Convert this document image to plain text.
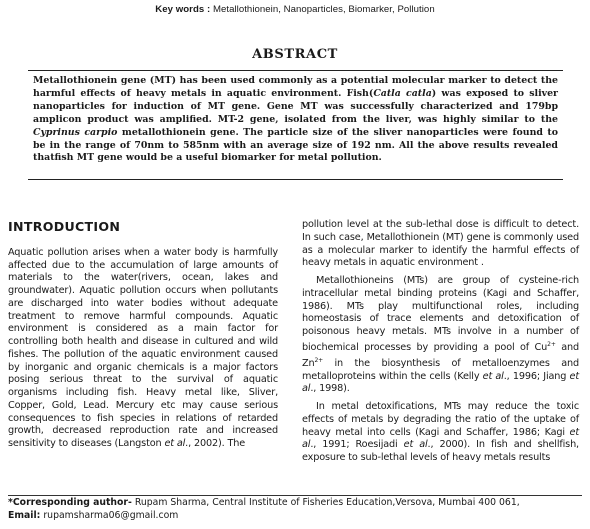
Key words : Metallothionein, Nanoparticles, Biomarker, Pollution
ABSTRACT
Metallothionein gene (MT) has been used commonly as a potential molecular marker to detect the harmful effects of heavy metals in aquatic environment. Fish(Catla catla) was exposed to sliver nanoparticles for induction of MT gene. Gene MT was successfully characterized and 179bp amplicon product was amplified. MT-2 gene, isolated from the liver, was highly similar to the Cyprinus carpio metallothionein gene. The particle size of the sliver nanoparticles were found to be in the range of 70nm to 585nm with an average size of 192 nm. All the above results revealed thatfish MT gene would be a useful biomarker for metal pollution.
INTRODUCTION

Aquatic pollution arises when a water body is harmfully affected due to the accumulation of large amounts of materials to the water(rivers, ocean, lakes and groundwater). Aquatic pollution occurs when pollutants are discharged into water bodies without adequate treatment to remove harmful compounds. Aquatic environment is considered as a main factor for controlling both health and disease in cultured and wild fishes. The pollution of the aquatic environment caused by inorganic and organic chemicals is a major factors posing serious threat to the survival of aquatic organisms including fish. Heavy metal like, Sliver, Copper, Gold, Lead. Mercury etc may cause serious consequences to fish species in relations of retarded growth, decreased reproduction rate and increased sensitivity to diseases (Langston et al., 2002). The

pollution level at the sub-lethal dose is difficult to detect. In such case, Metallothionein (MT) gene is commonly used as a molecular marker to identify the harmful effects of heavy metals in aquatic environment .

Metallothioneins (MTs) are group of cysteine-rich intracellular metal binding proteins (Kagi and Schaffer, 1986). MTs play multifunctional roles, including homeostasis of trace elements and detoxification of poisonous heavy metals. MTs involve in a number of biochemical processes by providing a pool of $Cu^{2+}$ and $Zn^{2+}$ in the biosynthesis of metalloenzymes and metalloproteins within the cells (Kelly et al., 1996; Jiang et al., 1998).

In metal detoxifications, MTs may reduce the toxic effects of metals by degrading the ratio of the uptake of heavy metal into cells (Kagi and Schaffer, 1986; Kagi et al., 1991; Roesijadi et al., 2000). In fish and shellfish, exposure to sub-lethal levels of heavy metals results

*Corresponding author- Rupam Sharma, Central Institute of Fisheries Education,Versova, Mumbai 400 061,
Email: rupamsharma06@gmail.com
